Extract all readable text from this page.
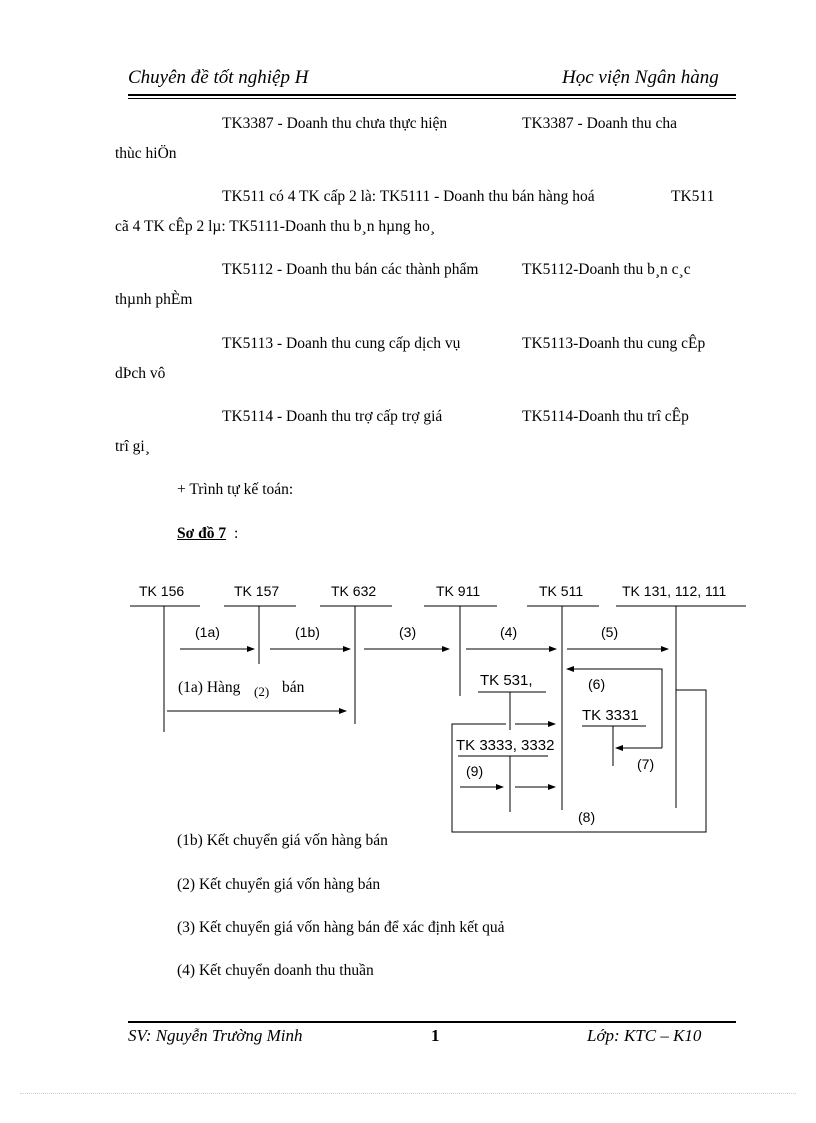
Chuyên đề tốt nghiệp H	Học viện Ngân hàng
TK3387 - Doanh thu chưa thực hiện	TK3387 - Doanh thu cha
thùc hiÖn
TK511 có 4 TK cấp 2 là: TK5111 - Doanh thu bán hàng hoá	TK511
cã 4 TK cÊp 2 lµ: TK5111-Doanh thu b¸n hµng ho¸
TK5112 - Doanh thu bán các thành phẩm	TK5112-Doanh thu b¸n c¸c
thµnh phÈm
TK5113 - Doanh thu cung cấp dịch vụ	TK5113-Doanh thu cung cÊp
dÞch vô
TK5114 - Doanh thu trợ cấp trợ giá	TK5114-Doanh thu trî cÊp
trî gi¸
+ Trình tự kế toán:
Sơ đồ 7 :
TK 156	TK 157	TK 632	TK 911	TK 511	TK 131, 112, 111
(1a)	(1b)	(3)	(4)	(5)
(6)
(7)
(8)
(9)
TK 531,
TK 3331
TK 3333, 3332
(1a) Hàng (2) bán
(1b) Kết chuyển giá vốn hàng bán
(2) Kết chuyển giá vốn hàng bán
(3) Kết chuyển giá vốn hàng bán để xác định kết quả
(4) Kết chuyển doanh thu thuần
SV: Nguyễn Trường Minh	1	Lớp: KTC – K10
